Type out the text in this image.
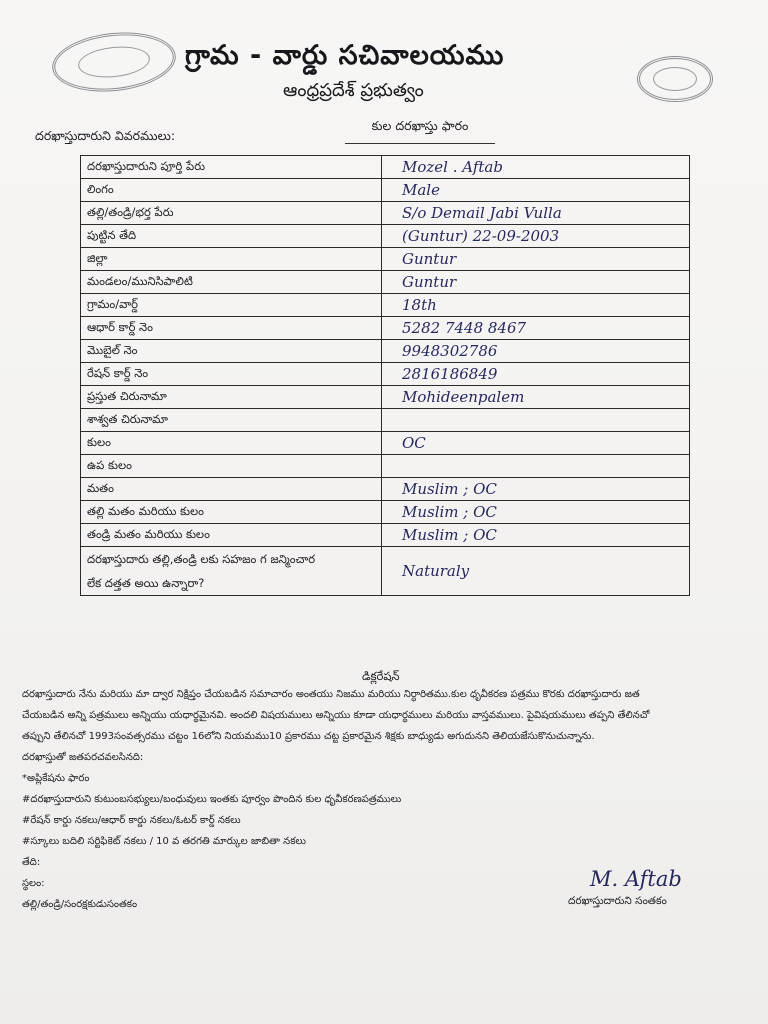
గ్రామ - వార్డు సచివాలయము
ఆంధ్రప్రదేశ్ ప్రభుత్వం
కుల దరఖాస్తు ఫారం
దరఖాస్తుదారుని వివరములు:
దరఖాస్తుదారుని పూర్తి పేరు	Mozel . Aftab
లింగం	Male
తల్లి/తండ్రి/భర్త పేరు	S/o Demail Jabi Vulla
పుట్టిన తేది	(Guntur) 22-09-2003
జిల్లా	Guntur
మండలం/మునిసిపాలిటి	Guntur
గ్రామం/వార్డ్	18th
ఆధార్ కార్డ్ నెం	5282 7448 8467
మొబైల్ నెం	9948302786
రేషన్ కార్డ్ నెం	2816186849
ప్రస్తుత చిరునామా	Mohideenpalem
శాశ్వత చిరునామా	
కులం	OC
ఉప కులం	
మతం	Muslim ; OC
తల్లి మతం మరియు కులం	Muslim ; OC
తండ్రి మతం మరియు కులం	Muslim ; OC

దరఖాస్తుదారు తల్లి,తండ్రి లకు సహజం గ జన్మించార
లేక దత్తత అయి ఉన్నారా?	Naturaly
డిక్లరేషన్
దరఖాస్తుదారు నేను మరియు మా ద్వార నిక్షిప్తం చేయబడిన సమాచారం అంతయు నిజము మరియు నిర్ధారితము.కుల ధృవీకరణ పత్రము కొరకు దరఖాస్తుదారు జత
చేయబడిన అన్ని పత్రములు అన్నియు యధార్థమైనవి. అందలి విషయములు అన్నియు కూడా యధార్థములు మరియు వాస్తవములు. పైవిషయములు తప్పని తేలినచో
తప్పుని తేలినచో 1993సంవత్సరము చట్టం 16లోని నియమము10 ప్రకారము చట్ట ప్రకారమైన శిక్షకు బాధ్యుడు అగుదునని తెలియజేసుకొనుచున్నాను.
దరఖాస్తుతో జతపరచవలసినది:
*అప్లికేషను ఫారం
#దరఖాస్తుదారుని కుటుంబసభ్యులు/బంధువులు ఇంతకు పూర్వం పొందిన కుల ధృవీకరణపత్రములు
#రేషన్ కార్డు నకలు/ఆధార్ కార్డు నకలు/ఓటర్ కార్డ్ నకలు
#స్కూలు బదిలి సర్టిఫికెట్ నకలు / 10 వ తరగతి మార్కుల జాబితా నకలు
తేది:
స్థలం:
తల్లి/తండ్రి/సంరక్షకుడుసంతకం
M. Aftab
దరఖాస్తుదారుని సంతకం
